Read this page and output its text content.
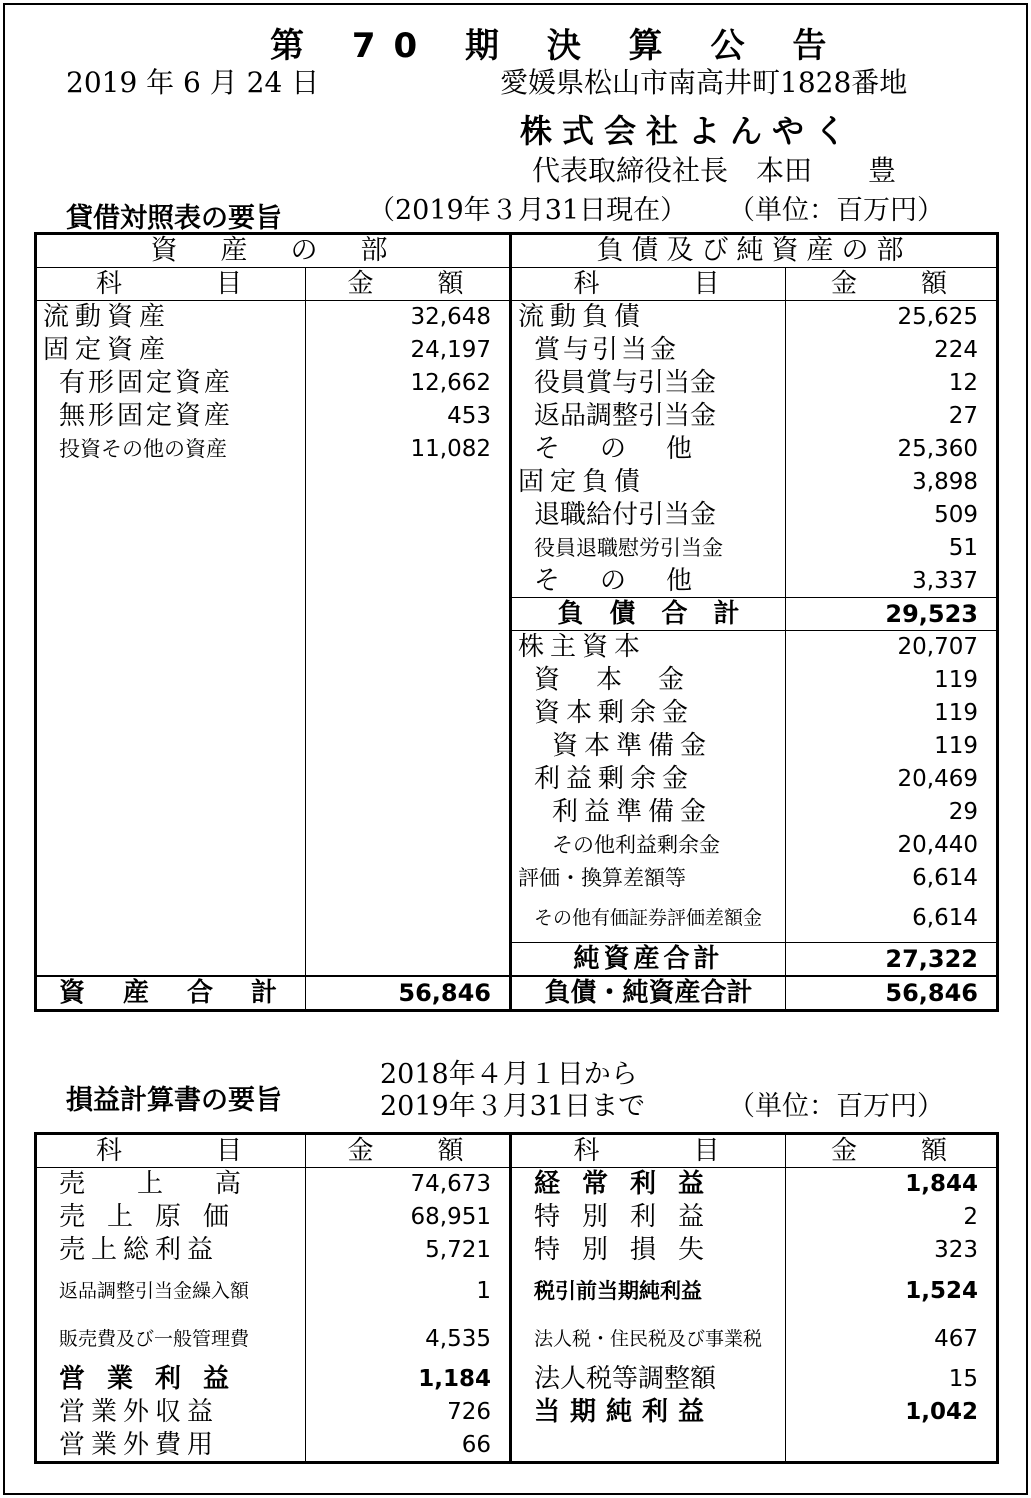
第 70 期 決 算 公 告
2019 年 6 月 24 日	愛媛県松山市南高井町1828番地
株式会社よんやく
代表取締役社長　本田　　豊
貸借対照表の要旨	（2019年３月31日現在） （単位：百万円）
資　産　の　部		負債及び純資産の部	
科　　　目	金　　額	科　　　目	金　　額
流動資産	32,648	流動負債	25,625
固定資産	24,197	賞与引当金	224
有形固定資産	12,662	役員賞与引当金	12
無形固定資産	453	返品調整引当金	27
投資その他の資産	11,082	その他	25,360
		固定負債	3,898
		退職給付引当金	509
		役員退職慰労引当金	51
		その他	3,337
		負　債　合　計	29,523
		株主資本	20,707
		資本金	119
		資本剰余金	119
		資本準備金	119
		利益剰余金	20,469
		利益準備金	29
		その他利益剰余金	20,440
		評価・換算差額等	6,614
		その他有価証券評価差額金	6,614
		純資産合計	27,322
資　産　合　計	56,846	負債・純資産合計	56,846
損益計算書の要旨
2018年４月１日から
2019年３月31日まで	（単位：百万円）
科　　　目	金　　額	科　　　目	金　　額
売上高	74,673	経常利益	1,844
売上原価	68,951	特別利益	2
売上総利益	5,721	特別損失	323
返品調整引当金繰入額	1	税引前当期純利益	1,524
販売費及び一般管理費	4,535	法人税・住民税及び事業税	467
営業利益	1,184	法人税等調整額	15
営業外収益	726	当期純利益	1,042
営業外費用	66		
